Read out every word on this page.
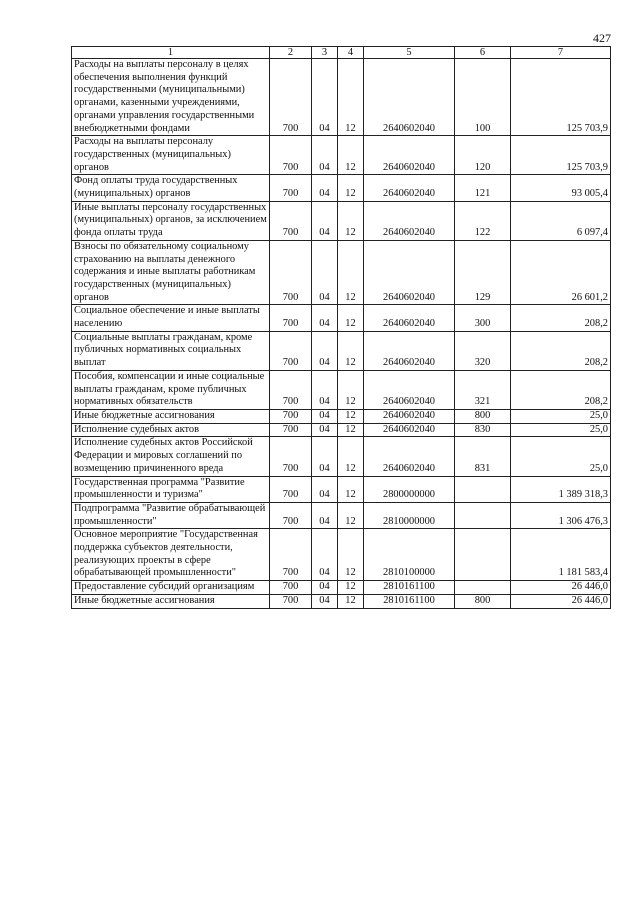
427
1	2	3	4	5	6	7
Расходы на выплаты персоналу в целях обеспечения выполнения функций государственными (муниципальными) органами, казенными учреждениями, органами управления государственными внебюджетными фондами	700	04	12	2640602040	100	125 703,9
Расходы на выплаты персоналу государственных (муниципальных) органов	700	04	12	2640602040	120	125 703,9
Фонд оплаты труда государственных (муниципальных) органов	700	04	12	2640602040	121	93 005,4
Иные выплаты персоналу государственных (муниципальных) органов, за исключением фонда оплаты труда	700	04	12	2640602040	122	6 097,4
Взносы по обязательному социальному страхованию на выплаты денежного содержания и иные выплаты работникам государственных (муниципальных) органов	700	04	12	2640602040	129	26 601,2
Социальное обеспечение и иные выплаты населению	700	04	12	2640602040	300	208,2
Социальные выплаты гражданам, кроме публичных нормативных социальных выплат	700	04	12	2640602040	320	208,2
Пособия, компенсации и иные социальные выплаты гражданам, кроме публичных нормативных обязательств	700	04	12	2640602040	321	208,2
Иные бюджетные ассигнования	700	04	12	2640602040	800	25,0
Исполнение судебных актов	700	04	12	2640602040	830	25,0
Исполнение судебных актов Российской Федерации и мировых соглашений по возмещению причиненного вреда	700	04	12	2640602040	831	25,0
Государственная программа "Развитие промышленности и туризма"	700	04	12	2800000000		1 389 318,3
Подпрограмма "Развитие обрабатывающей промышленности"	700	04	12	2810000000		1 306 476,3
Основное мероприятие "Государственная поддержка субъектов деятельности, реализующих проекты в сфере обрабатывающей промышленности"	700	04	12	2810100000		1 181 583,4
Предоставление субсидий организациям	700	04	12	2810161100		26 446,0
Иные бюджетные ассигнования	700	04	12	2810161100	800	26 446,0
